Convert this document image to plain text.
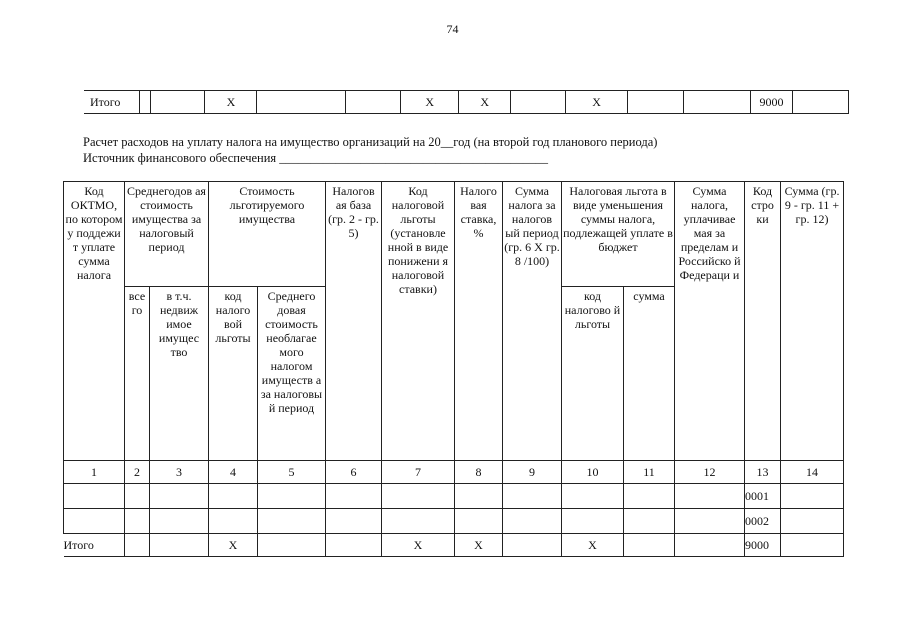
74
Итого			X			X	X		X			9000	
Расчет расходов на уплату налога на имущество организаций на 20__год (на второй год планового периода)
Источник финансового обеспечения ___________________________________________
Код ОКТМО, по котором у поддежи т уплате сумма налога	Среднегодов ая стоимость имущества за налоговый период		Стоимость льготируемого имущества		Налогов ая база (гр. 2 - гр. 5)	Код налоговой льготы (установле нной в виде понижени я налоговой ставки)	Налого вая ставка, %	Сумма налога за налогов ый период (гр. 6 X гр. 8 /100)	Налоговая льгота в виде уменьшения суммы налога, подлежащей уплате в бюджет		Сумма налога, уплачивае мая за пределам и Российско й Федераци и	Код стро ки	Сумма (гр. 9 - гр. 11 + гр. 12)
	все го	в т.ч. недвиж имое имущес тво	код налого вой льготы	Среднего довая стоимость необлагае мого налогом имуществ а за налоговы й период					код налогово й льготы	сумма			
1	2	3	4	5	6	7	8	9	10	11	12	13	14
												0001	
												0002	
Итого			X			X	X		X			9000	
